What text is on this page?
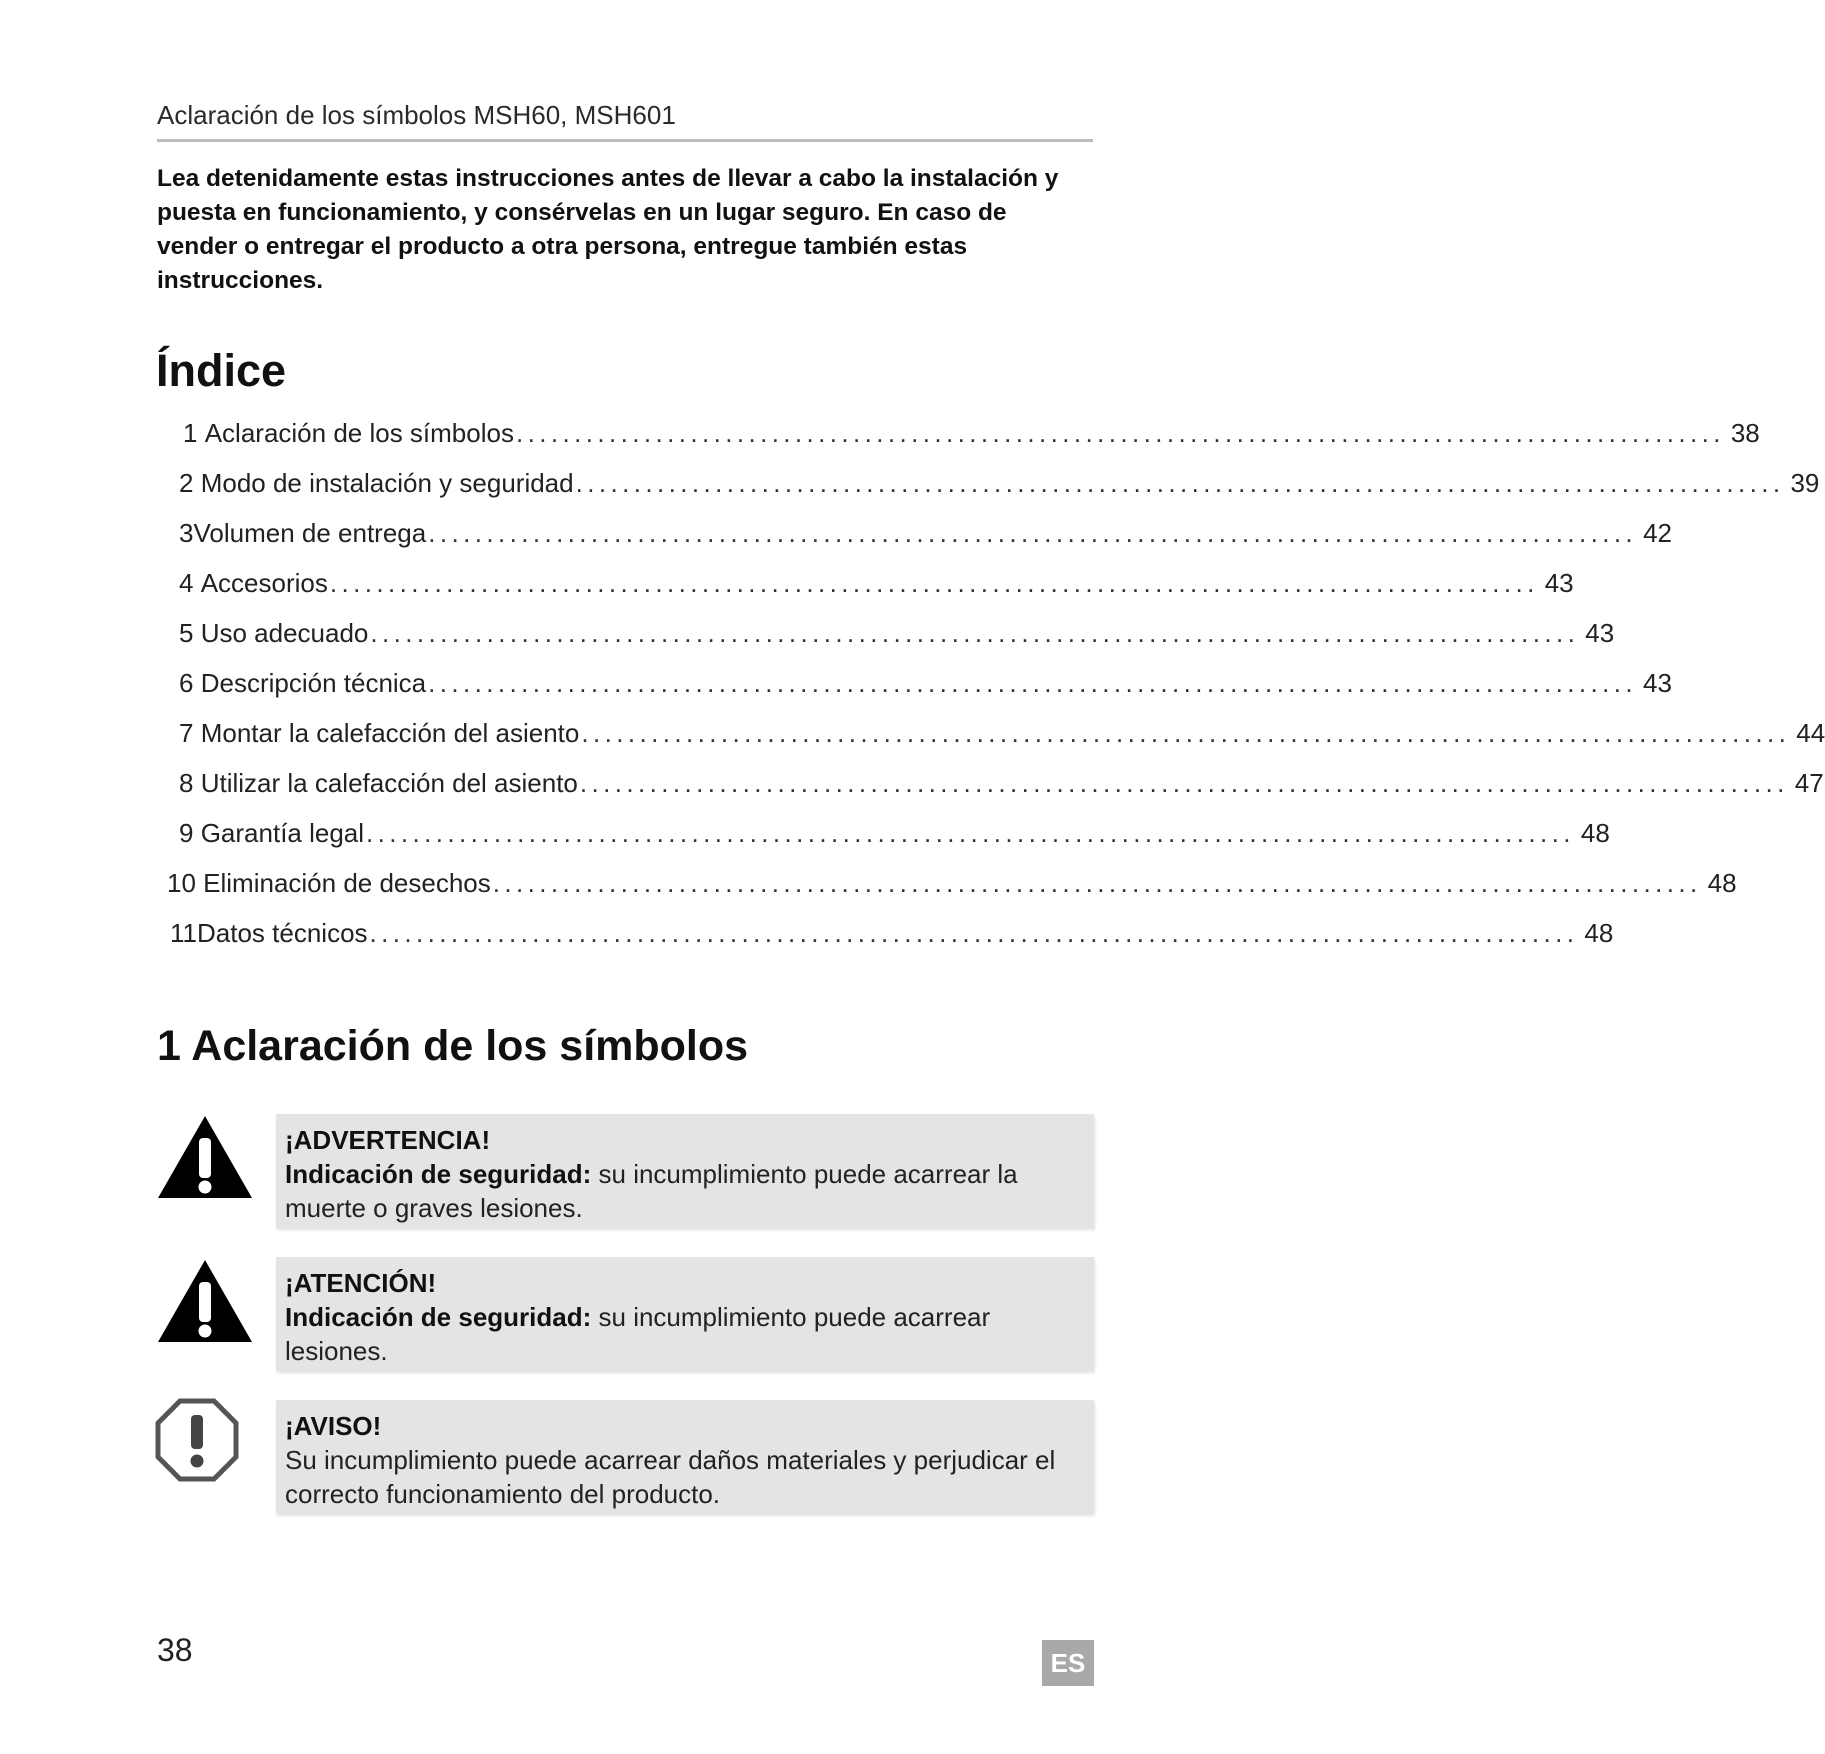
Aclaración de los símbolos MSH60, MSH601
Lea detenidamente estas instrucciones antes de llevar a cabo la instalación y puesta en funcionamiento, y consérvelas en un lugar seguro. En caso de vender o entregar el producto a otra persona, entregue también estas instrucciones.
Índice
1
Aclaración de los símbolos ........................................................................................................ 38
2
Modo de instalación y seguridad ........................................................................................................ 39
3 Volumen de entrega ........................................................................................................ 42
4
Accesorios ........................................................................................................ 43
5
Uso adecuado ........................................................................................................ 43
6
Descripción técnica ........................................................................................................ 43
7
Montar la calefacción del asiento ........................................................................................................ 44
8
Utilizar la calefacción del asiento ........................................................................................................ 47
9
Garantía legal ........................................................................................................ 48
10
Eliminación de desechos ........................................................................................................ 48
11 Datos técnicos ........................................................................................................ 48
1 Aclaración de los símbolos
¡ADVERTENCIA!
Indicación de seguridad: su incumplimiento puede acarrear la muerte o graves lesiones.
¡ATENCIÓN!
Indicación de seguridad: su incumplimiento puede acarrear lesiones.
¡AVISO!
Su incumplimiento puede acarrear daños materiales y perjudicar el correcto funcionamiento del producto.
38	ES
